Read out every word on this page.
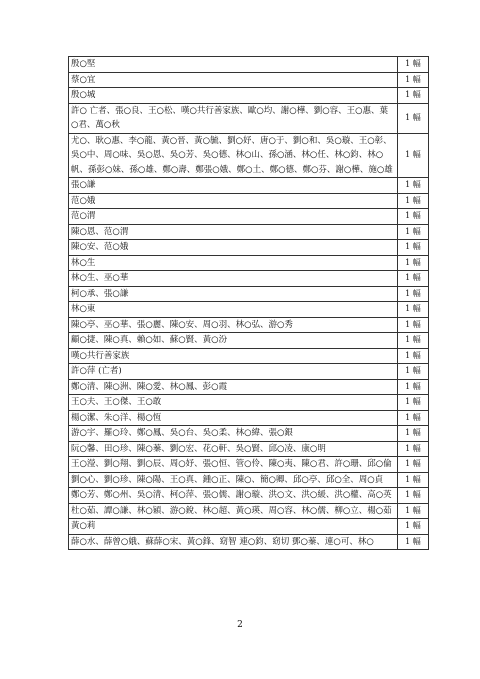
殷○堅	1 幅
蔡○宜	1 幅
殷○城	1 幅
許○ 亡者、張○良、王○松、嘆○共行善家族、歐○均、謝○樺、劉○容、王○惠、葉○君、萬○秋	1 幅
尤○、耿○惠、李○龍、黃○晉、黃○毓、劉○妤、唐○于、劉○和、吳○璇、王○彰、吳○中、周○味、吳○恩、吳○芳、吳○德、林○山、孫○涵、林○任、林○鈞、林○帆、孫彭○妹、孫○雄、鄭○壽、鄭張○娥、鄭○土、鄭○德、鄭○芬、謝○樺、施○雄	1 幅
張○謙	1 幅
范○娥	1 幅
范○渭	1 幅
陳○恩、范○渭	1 幅
陳○安、范○娥	1 幅
林○生	1 幅
林○生、巫○華	1 幅
柯○承、張○謙	1 幅
林○東	1 幅
陳○亭、巫○華、張○麗、陳○安、周○羽、林○弘、游○秀	1 幅
顧○捷、陳○真、賴○如、蘇○賢、黃○汾	1 幅
嘆○共行善家族	1 幅
許○萍 (亡者)	1 幅
鄭○清、陳○洲、陳○愛、林○鳳、彭○霞	1 幅
王○夫、王○傑、王○敢	1 幅
楊○潔、朱○洋、楊○恆	1 幅
游○宇、羅○玲、鄭○鳳、吳○台、吳○柔、林○緯、張○銀	1 幅
阮○馨、田○珍、陳○蓁、劉○宏、花○軒、吳○賢、邱○凌、康○明	1 幅
王○瀅、劉○翔、劉○辰、周○妤、張○恒、管○伶、陳○夷、陳○君、許○珊、邱○倫	1 幅
劉○心、劉○珍、陳○陽、王○真、鍾○正、陳○、簡○卿、邱○亭、邱○全、周○貞	1 幅
鄭○芳、鄭○州、吳○清、柯○萍、張○儒、謝○璇、洪○文、洪○緩、洪○權、高○英	1 幅
杜○茹、譚○謙、林○穎、游○銳、林○超、黃○瑛、周○容、林○儒、柳○立、楊○茹	1 幅
黃○莉	1 幅
薛○水、薛曾○娥、蘇薛○宋、黃○鋒、窈智 連○鈞、窈切 鄧○蓁、連○可、林○	1 幅
2
